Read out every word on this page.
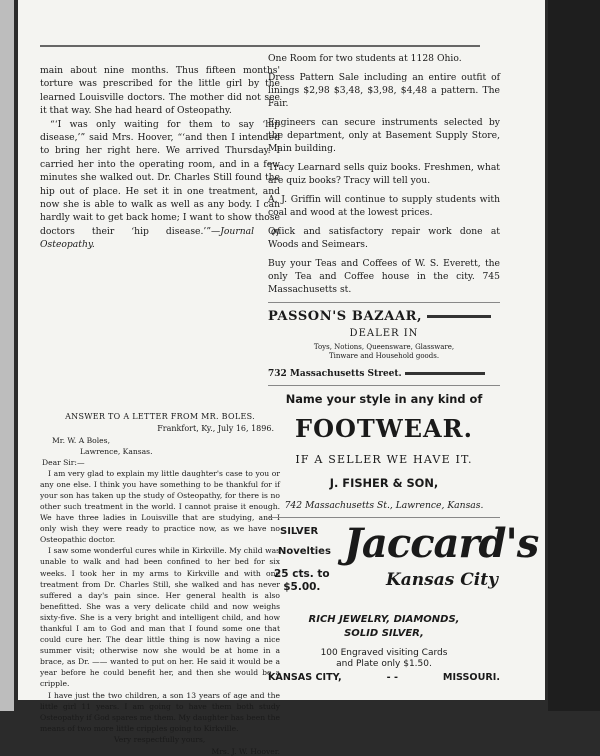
main about nine months. Thus fifteen months' torture was prescribed for the little girl by the learned Louisville doctors. The mother did not see it that way. She had heard of Osteopathy.

“‘I was only waiting for them to say ‘hip disease,’” said Mrs. Hoover, “‘and then I intended to bring her right here. We arrived Thursday. I carried her into the operating room, and in a few minutes she walked out. Dr. Charles Still found the hip out of place. He set it in one treatment, and now she is able to walk as well as any body. I can hardly wait to get back home; I want to show those doctors their ‘hip disease.’”—Journal of Osteopathy.

ANSWER TO A LETTER FROM MR. BOLES.
Frankfort, Ky., July 16, 1896.
Mr. W. A Boles,
Lawrence, Kansas.
Dear Sir:—

I am very glad to explain my little daughter's case to you or any one else. I think you have something to be thankful for if your son has taken up the study of Osteopathy, for there is no other such treatment in the world. I cannot praise it enough. We have three ladies in Louisville that are studying, and I only wish they were ready to practice now, as we have no Osteopathic doctor.

I saw some wonderful cures while in Kirkville. My child was unable to walk and had been confined to her bed for six weeks. I took her in my arms to Kirkville and with one treatment from Dr. Charles Still, she walked and has never suffered a day's pain since. Her general health is also benefitted. She was a very delicate child and now weighs sixty-five. She is a very bright and intelligent child, and how thankful I am to God and man that I found some one that could cure her. The dear little thing is now having a nice summer visit; otherwise now she would be at home in a brace, as Dr. —— wanted to put on her. He said it would be a year before he could benefit her, and then she would be a cripple.

I have just the two children, a son 13 years of age and the little girl 11 years. I am going to have them both study Osteopathy if God spares me them. My daughter has been the means of two more little cripples going to Kirkville.

Very respectfully yours,
Mrs. J. W. Hoover.
One Room for two students at 1128 Ohio.
Dress Pattern Sale including an entire outfit of linings $2,98 $3,48, $3,98, $4,48 a pattern. The Fair.
Engineers can secure instruments selected by the department, only at Basement Supply Store, Main building.
Tracy Learnard sells quiz books. Freshmen, what are quiz books? Tracy will tell you.
A. J. Griffin will continue to supply students with coal and wood at the lowest prices.
Quick and satisfactory repair work done at Woods and Seimears.
Buy your Teas and Coffees of W. S. Everett, the only Tea and Coffee house in the city. 745 Massachusetts st.
PASSON'S BAZAAR,
DEALER IN
Toys, Notions, Queensware, Glassware,
Tinware and Household goods.
732 Massachusetts Street.
Name your style in any kind of
FOOTWEAR.
IF A SELLER WE HAVE IT.
J. FISHER & SON,
742 Massachusetts St., Lawrence, Kansas.
SILVER
Novelties
25 cts. to
$5.00.
Jaccard's
Kansas City
RICH JEWELRY, DIAMONDS,
SOLID SILVER,
100 Engraved visiting Cards
and Plate only $1.50.
KANSAS CITY,	- -	MISSOURI.
